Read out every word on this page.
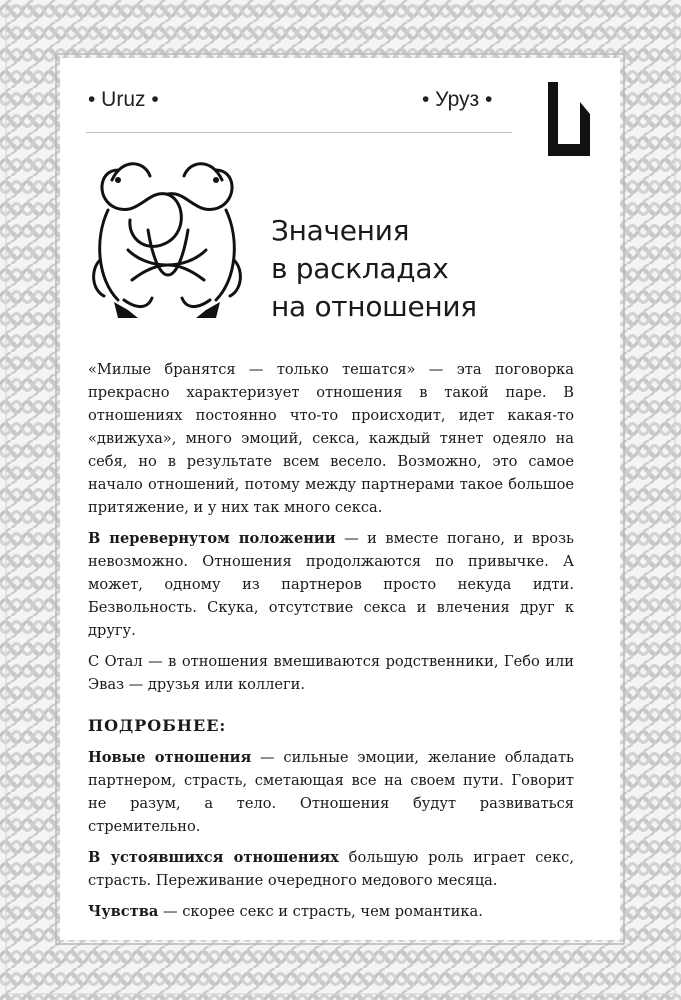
• Uruz •	• Уруз •
Значения
в раскладах
на отношения

«Милые бранятся — только тешатся» — эта поговорка прекрасно характеризует отношения в такой паре. В отношениях постоянно что-то происходит, идет какая-то «движуха», много эмоций, секса, каждый тянет одеяло на себя, но в результате всем весело. Возможно, это самое начало отношений, потому между партнерами такое большое притяжение, и у них так много секса.

В перевернутом положении — и вместе погано, и врозь невозможно. Отношения продолжаются по привычке. А может, одному из партнеров просто некуда идти. Безвольность. Скука, отсутствие секса и влечения друг к другу.

С Отал — в отношения вмешиваются родственники, Гебо или Эваз — друзья или коллеги.

ПОДРОБНЕЕ:

Новые отношения — сильные эмоции, желание обладать партнером, страсть, сметающая все на своем пути. Говорит не разум, а тело. Отношения будут развиваться стремительно.

В устоявшихся отношениях большую роль играет секс, страсть. Переживание очередного медового месяца.

Чувства — скорее секс и страсть, чем романтика.
